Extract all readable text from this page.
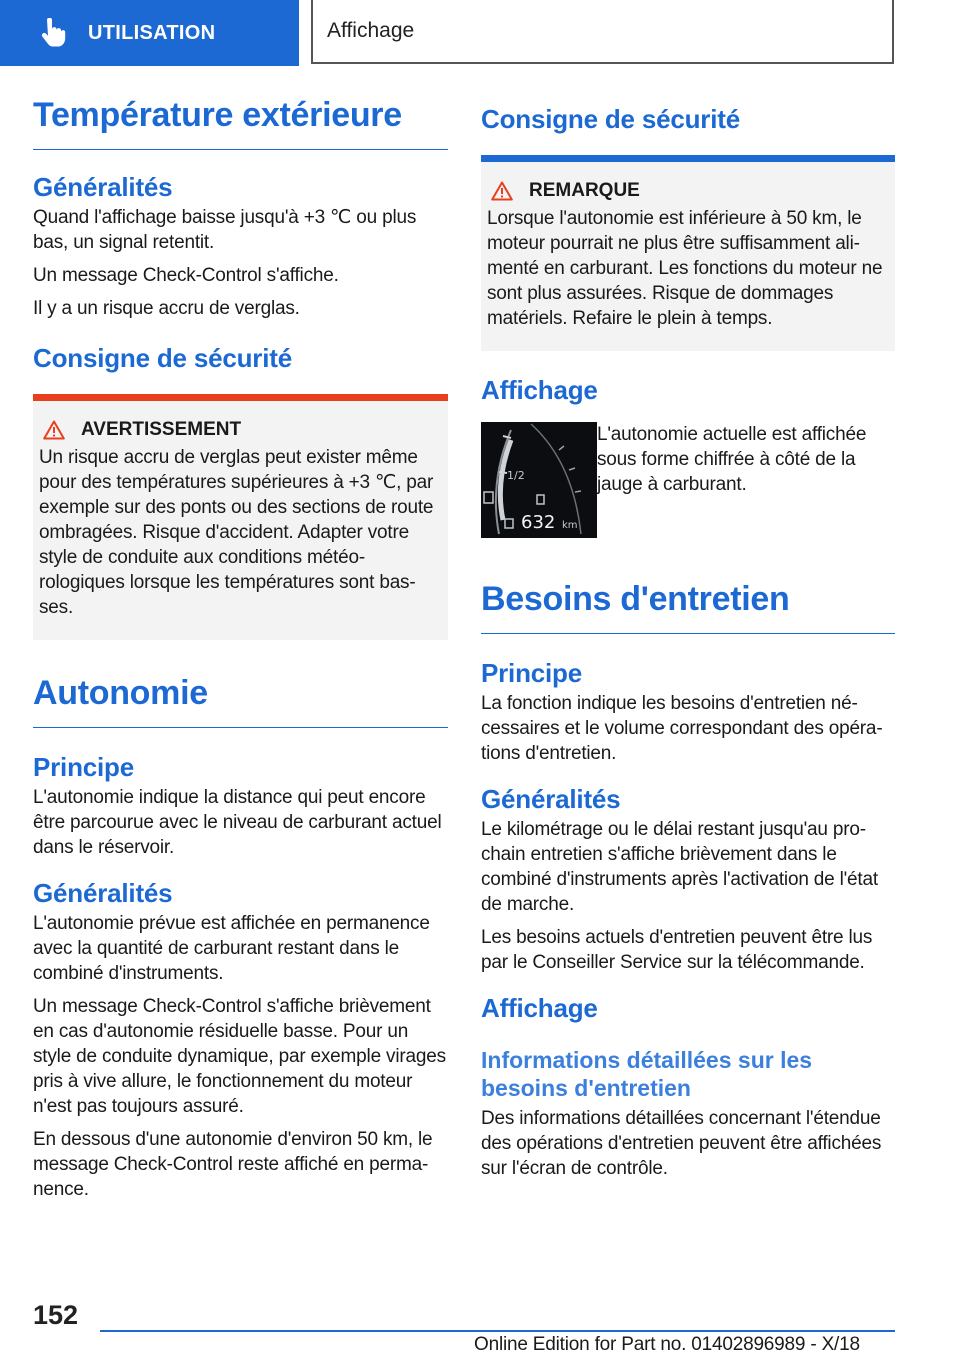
UTILISATION	Affichage
Température extérieure
Généralités

Quand l'affichage baisse jusqu'à +3 ℃ ou plus bas, un signal retentit.

Un message Check-Control s'affiche.

Il y a un risque accru de verglas.

Consigne de sécurité
AVERTISSEMENT

Un risque accru de verglas peut exister même pour des températures supérieures à +3 ℃, par exemple sur des ponts ou des sections de route ombragées. Risque d'accident. Adapter votre style de conduite aux conditions météorologiques lorsque les températures sont basses.

Autonomie
Principe

L'autonomie indique la distance qui peut encore être parcourue avec le niveau de carburant actuel dans le réservoir.

Généralités

L'autonomie prévue est affichée en permanence avec la quantité de carburant restant dans le combiné d'instruments.

Un message Check-Control s'affiche brièvement en cas d'autonomie résiduelle basse. Pour un style de conduite dynamique, par exemple virages pris à vive allure, le fonctionnement du moteur n'est pas toujours assuré.

En dessous d'une autonomie d'environ 50 km, le message Check-Control reste affiché en permanence.

Consigne de sécurité
REMARQUE

Lorsque l'autonomie est inférieure à 50 km, le moteur pourrait ne plus être suffisamment alimenté en carburant. Les fonctions du moteur ne sont plus assurées. Risque de dommages matériels. Refaire le plein à temps.

Affichage
1/2
632 km

L'autonomie actuelle est affichée sous forme chiffrée à côté de la jauge à carburant.

Besoins d'entretien
Principe

La fonction indique les besoins d'entretien nécessaires et le volume correspondant des opérations d'entretien.

Généralités

Le kilométrage ou le délai restant jusqu'au prochain entretien s'affiche brièvement dans le combiné d'instruments après l'activation de l'état de marche.

Les besoins actuels d'entretien peuvent être lus par le Conseiller Service sur la télécommande.

Affichage
Informations détaillées sur les besoins d'entretien

Des informations détaillées concernant l'étendue des opérations d'entretien peuvent être affichées sur l'écran de contrôle.

152
Online Edition for Part no. 01402896989 - X/18
